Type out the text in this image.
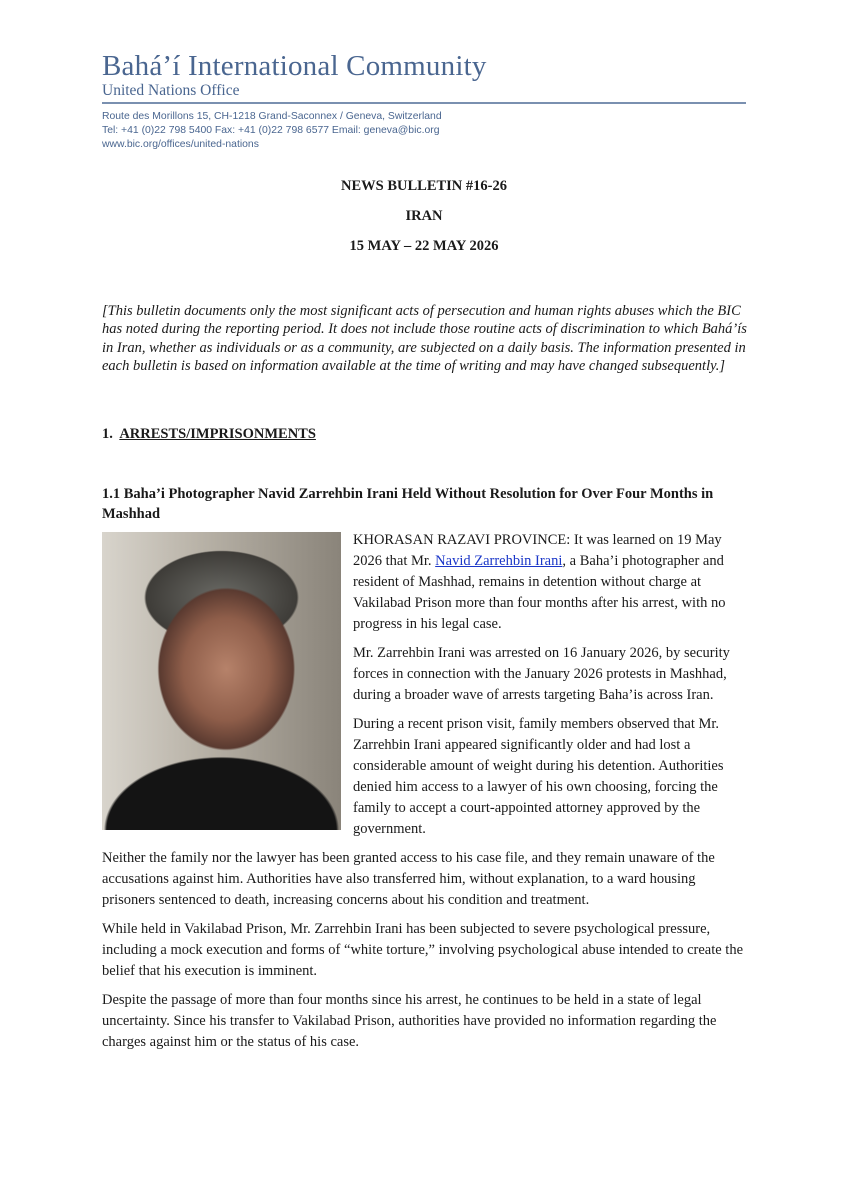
Bahá’í International Community
United Nations Office
Route des Morillons 15, CH-1218 Grand-Saconnex / Geneva, Switzerland
Tel: +41 (0)22 798 5400 Fax: +41 (0)22 798 6577 Email: geneva@bic.org
www.bic.org/offices/united-nations
NEWS BULLETIN #16-26
IRAN
15 MAY – 22 MAY 2026
[This bulletin documents only the most significant acts of persecution and human rights abuses which the BIC has noted during the reporting period. It does not include those routine acts of discrimination to which Bahá’ís in Iran, whether as individuals or as a community, are subjected on a daily basis. The information presented in each bulletin is based on information available at the time of writing and may have changed subsequently.]
1. ARRESTS/IMPRISONMENTS
1.1 Baha’i Photographer Navid Zarrehbin Irani Held Without Resolution for Over Four Months in Mashhad

KHORASAN RAZAVI PROVINCE: It was learned on 19 May 2026 that Mr. Navid Zarrehbin Irani, a Baha’i photographer and resident of Mashhad, remains in detention without charge at Vakilabad Prison more than four months after his arrest, with no progress in his legal case.

Mr. Zarrehbin Irani was arrested on 16 January 2026, by security forces in connection with the January 2026 protests in Mashhad, during a broader wave of arrests targeting Baha’is across Iran.

During a recent prison visit, family members observed that Mr. Zarrehbin Irani appeared significantly older and had lost a considerable amount of weight during his detention. Authorities denied him access to a lawyer of his own choosing, forcing the family to accept a court-appointed attorney approved by the government.

Neither the family nor the lawyer has been granted access to his case file, and they remain unaware of the accusations against him. Authorities have also transferred him, without explanation, to a ward housing prisoners sentenced to death, increasing concerns about his condition and treatment.

While held in Vakilabad Prison, Mr. Zarrehbin Irani has been subjected to severe psychological pressure, including a mock execution and forms of “white torture,” involving psychological abuse intended to create the belief that his execution is imminent.

Despite the passage of more than four months since his arrest, he continues to be held in a state of legal uncertainty. Since his transfer to Vakilabad Prison, authorities have provided no information regarding the charges against him or the status of his case.
